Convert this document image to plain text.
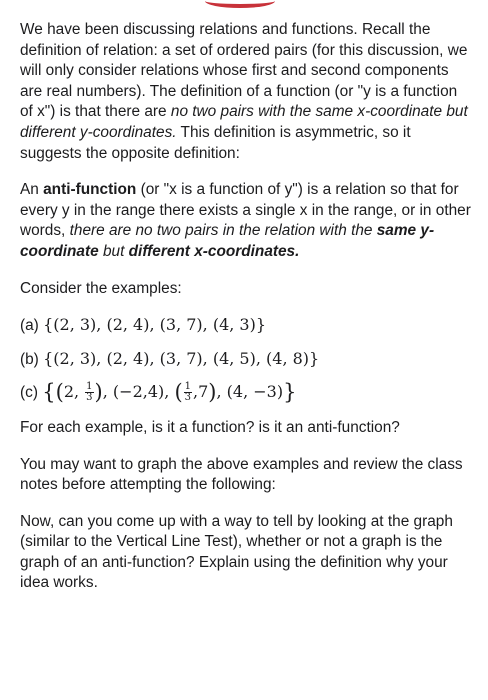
We have been discussing relations and functions. Recall the definition of relation: a set of ordered pairs (for this discussion, we will only consider relations whose first and second components are real numbers). The definition of a function (or "y is a function of x") is that there are no two pairs with the same x-coordinate but different y-coordinates. This definition is asymmetric, so it suggests the opposite definition:

An anti-function (or "x is a function of y") is a relation so that for every y in the range there exists a single x in the range, or in other words, there are no two pairs in the relation with the same y-coordinate but different x-coordinates.

Consider the examples:

(a) {(2, 3), (2, 4), (3, 7), (4, 3)}
(b) {(2, 3), (2, 4), (3, 7), (4, 5), (4, 8)}
(c) {(2, $\frac{1}{3}$ ), (−2,4), ( $\frac{1}{3} ,7$), (4, −3)}

For each example, is it a function? is it an anti-function?

You may want to graph the above examples and review the class notes before attempting the following:

Now, can you come up with a way to tell by looking at the graph (similar to the Vertical Line Test), whether or not a graph is the graph of an anti-function? Explain using the definition why your idea works.
